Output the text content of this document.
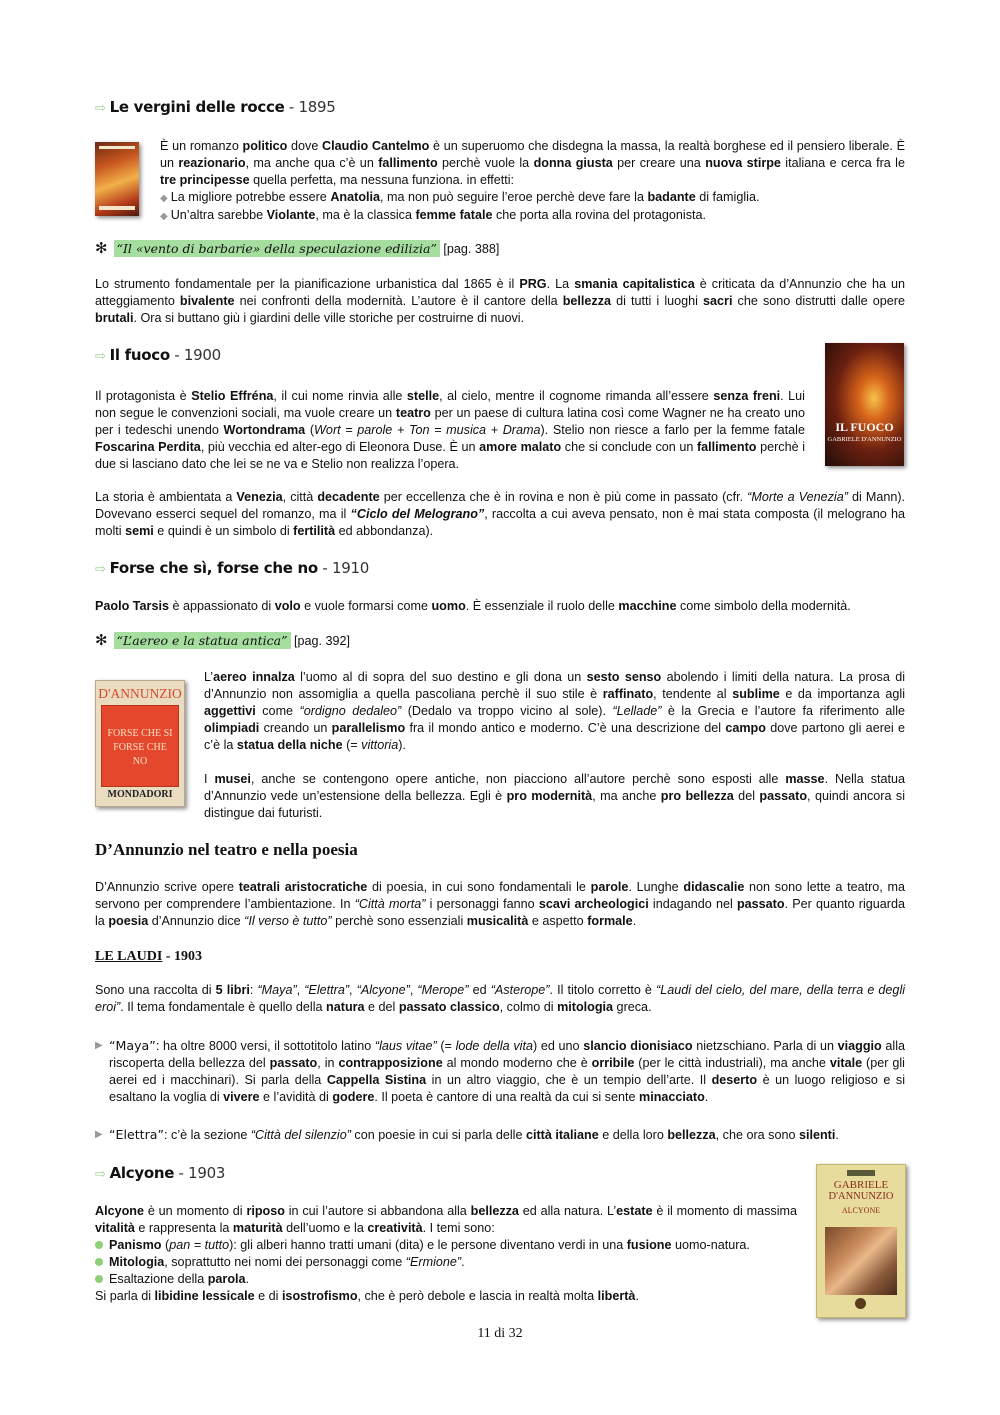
⇨ Le vergini delle rocce - 1895

È un romanzo politico dove Claudio Cantelmo è un superuomo che disdegna la massa, la realtà borghese ed il pensiero liberale. È un reazionario, ma anche qua c’è un fallimento perchè vuole la donna giusta per creare una nuova stirpe italiana e cerca fra le tre principesse quella perfetta, ma nessuna funziona. in effetti:

◆ La migliore potrebbe essere Anatolia, ma non può seguire l’eroe perchè deve fare la badante di famiglia.

◆ Un’altra sarebbe Violante, ma è la classica femme fatale che porta alla rovina del protagonista.

✻ “Il «vento di barbarie» della speculazione edilizia” [pag. 388]

Lo strumento fondamentale per la pianificazione urbanistica dal 1865 è il PRG. La smania capitalistica è criticata da d’Annunzio che ha un atteggiamento bivalente nei confronti della modernità. L’autore è il cantore della bellezza di tutti i luoghi sacri che sono distrutti dalle opere brutali. Ora si buttano giù i giardini delle ville storiche per costruirne di nuovi.

⇨ Il fuoco - 1900
IL FUOCO
GABRIELE D'ANNUNZIO

Il protagonista è Stelio Effréna, il cui nome rinvia alle stelle, al cielo, mentre il cognome rimanda all’essere senza freni. Lui non segue le convenzioni sociali, ma vuole creare un teatro per un paese di cultura latina così come Wagner ne ha creato uno per i tedeschi unendo Wortondrama (Wort = parole + Ton = musica + Drama). Stelio non riesce a farlo per la femme fatale Foscarina Perdita, più vecchia ed alter-ego di Eleonora Duse. È un amore malato che si conclude con un fallimento perchè i due si lasciano dato che lei se ne va e Stelio non realizza l’opera.

La storia è ambientata a Venezia, città decadente per eccellenza che è in rovina e non è più come in passato (cfr. “Morte a Venezia” di Mann). Dovevano esserci sequel del romanzo, ma il “Ciclo del Melograno”, raccolta a cui aveva pensato, non è mai stata composta (il melograno ha molti semi e quindi è un simbolo di fertilità ed abbondanza).

⇨ Forse che sì, forse che no - 1910

Paolo Tarsis è appassionato di volo e vuole formarsi come uomo. È essenziale il ruolo delle macchine come simbolo della modernità.

✻ “L’aereo e la statua antica” [pag. 392]
D'ANNUNZIO
FORSE CHE SI
FORSE CHE
NO
MONDADORI

L’aereo innalza l’uomo al di sopra del suo destino e gli dona un sesto senso abolendo i limiti della natura. La prosa di d’Annunzio non assomiglia a quella pascoliana perchè il suo stile è raffinato, tendente al sublime e da importanza agli aggettivi come “ordigno dedaleo” (Dedalo va troppo vicino al sole). “Lellade” è la Grecia e l’autore fa riferimento alle olimpiadi creando un parallelismo fra il mondo antico e moderno. C’è una descrizione del campo dove partono gli aerei e c’è la statua della niche (= vittoria).

I musei, anche se contengono opere antiche, non piacciono all’autore perchè sono esposti alle masse. Nella statua d’Annunzio vede un’estensione della bellezza. Egli è pro modernità, ma anche pro bellezza del passato, quindi ancora si distingue dai futuristi.

D’Annunzio nel teatro e nella poesia

D’Annunzio scrive opere teatrali aristocratiche di poesia, in cui sono fondamentali le parole. Lunghe didascalie non sono lette a teatro, ma servono per comprendere l’ambientazione. In “Città morta” i personaggi fanno scavi archeologici indagando nel passato. Per quanto riguarda la poesia d’Annunzio dice “Il verso è tutto” perchè sono essenziali musicalità e aspetto formale.

LE LAUDI - 1903

Sono una raccolta di 5 libri: “Maya”, “Elettra”, “Alcyone”, “Merope” ed “Asterope”. Il titolo corretto è “Laudi del cielo, del mare, della terra e degli eroi”. Il tema fondamentale è quello della natura e del passato classico, colmo di mitologia greca.

▶ “Maya”: ha oltre 8000 versi, il sottotitolo latino “laus vitae” (= lode della vita) ed uno slancio dionisiaco nietzschiano. Parla di un viaggio alla riscoperta della bellezza del passato, in contrapposizione al mondo moderno che è orribile (per le città industriali), ma anche vitale (per gli aerei ed i macchinari). Si parla della Cappella Sistina in un altro viaggio, che è un tempio dell’arte. Il deserto è un luogo religioso e si esaltano la voglia di vivere e l’avidità di godere. Il poeta è cantore di una realtà da cui si sente minacciato.

▶ “Elettra”: c’è la sezione “Città del silenzio” con poesie in cui si parla delle città italiane e della loro bellezza, che ora sono silenti.

⇨ Alcyone - 1903
GABRIELE
D'ANNUNZIO
ALCYONE

Alcyone è un momento di riposo in cui l’autore si abbandona alla bellezza ed alla natura. L’estate è il momento di massima vitalità e rappresenta la maturità dell’uomo e la creatività. I temi sono:

Panismo (pan = tutto): gli alberi hanno tratti umani (dita) e le persone diventano verdi in una fusione uomo-natura.

Mitologia, soprattutto nei nomi dei personaggi come “Ermione”.

Esaltazione della parola.

Si parla di libidine lessicale e di isostrofismo, che è però debole e lascia in realtà molta libertà.

11 di 32
